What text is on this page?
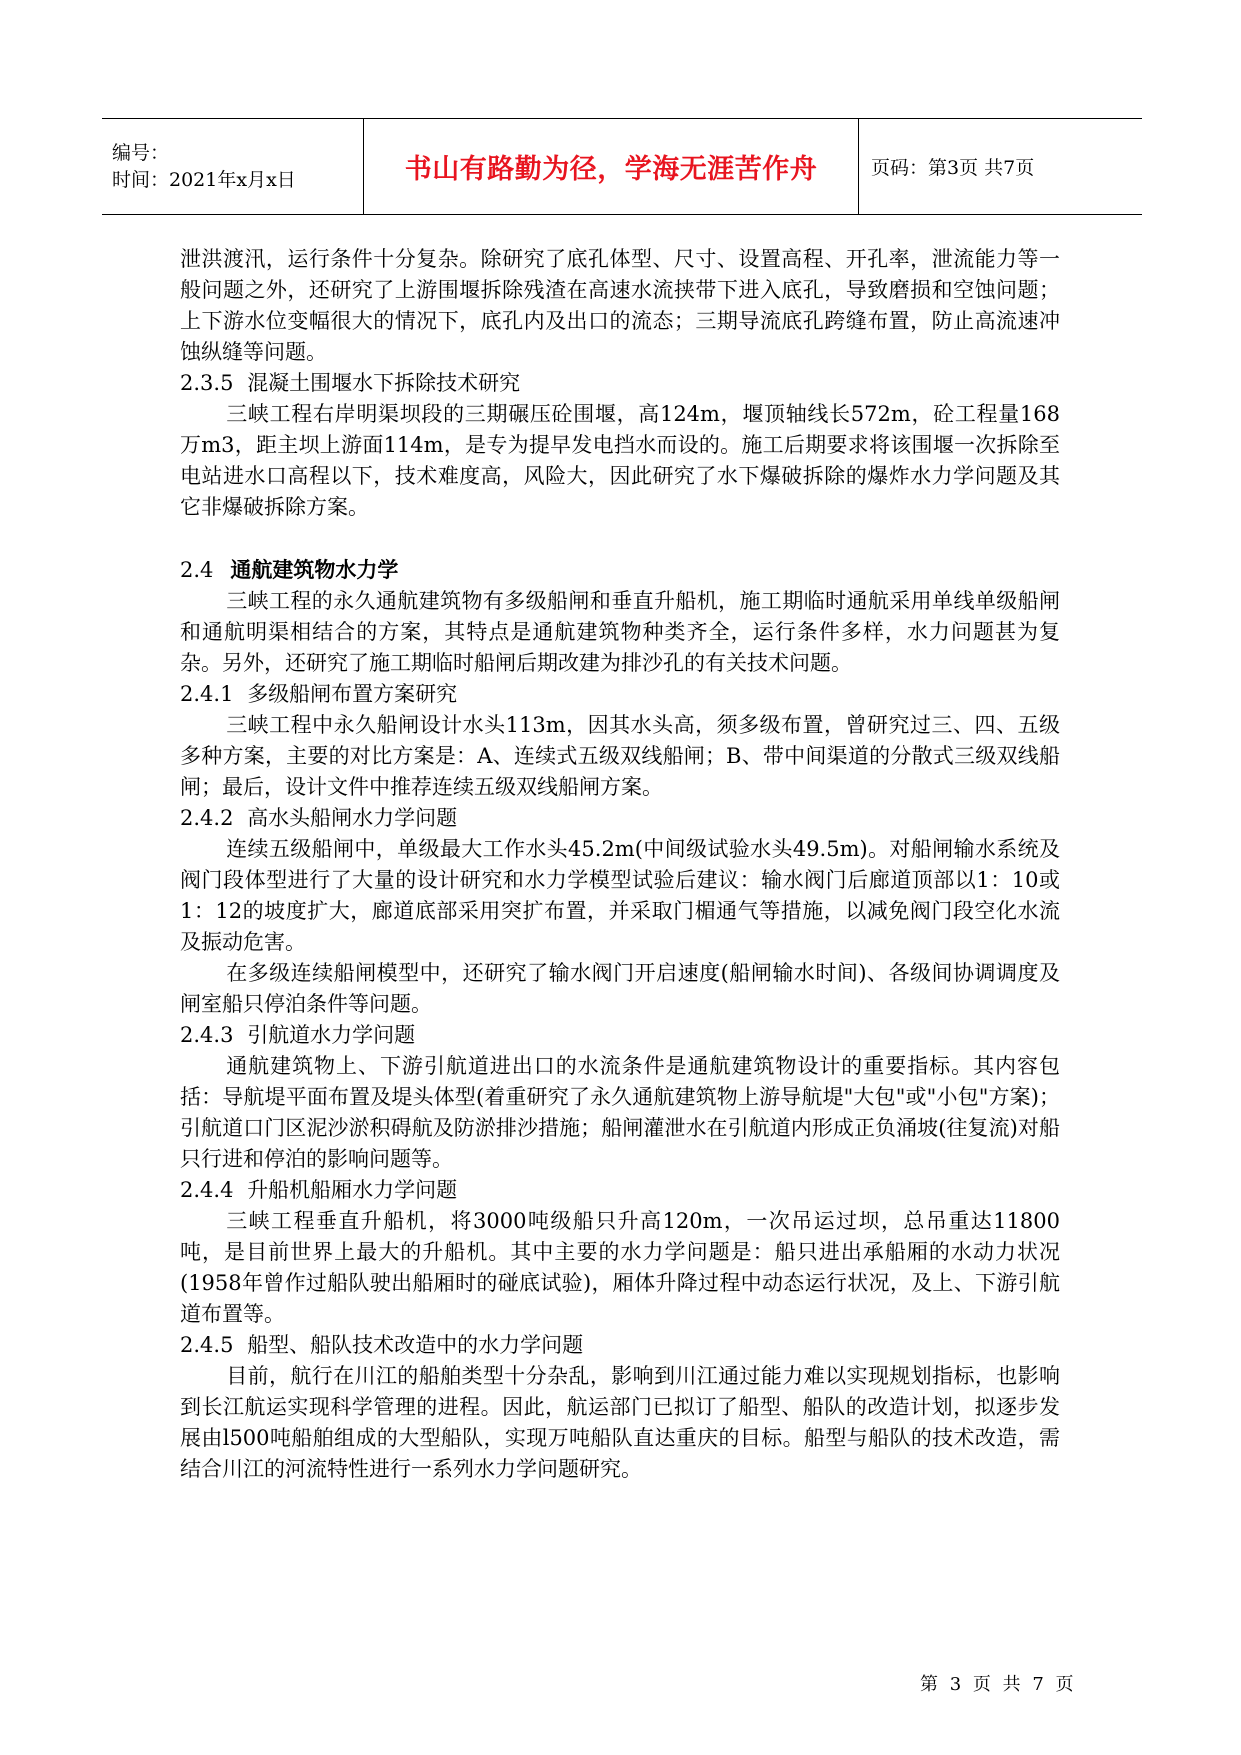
编号：
时间：2021年x月x日	书山有路勤为径，学海无涯苦作舟	页码：第3页 共7页

泄洪渡汛，运行条件十分复杂。除研究了底孔体型、尺寸、设置高程、开孔率，泄流能力等一般问题之外，还研究了上游围堰拆除残渣在高速水流挟带下进入底孔，导致磨损和空蚀问题；上下游水位变幅很大的情况下，底孔内及出口的流态；三期导流底孔跨缝布置，防止高流速冲蚀纵缝等问题。

2.3.5 混凝土围堰水下拆除技术研究

三峡工程右岸明渠坝段的三期碾压砼围堰，高124m，堰顶轴线长572m，砼工程量168 万m3，距主坝上游面114m，是专为提早发电挡水而设的。施工后期要求将该围堰一次拆除至电站进水口高程以下，技术难度高，风险大，因此研究了水下爆破拆除的爆炸水力学问题及其它非爆破拆除方案。

2.4 通航建筑物水力学

三峡工程的永久通航建筑物有多级船闸和垂直升船机，施工期临时通航采用单线单级船闸和通航明渠相结合的方案，其特点是通航建筑物种类齐全，运行条件多样，水力问题甚为复杂。另外，还研究了施工期临时船闸后期改建为排沙孔的有关技术问题。

2.4.1 多级船闸布置方案研究

三峡工程中永久船闸设计水头113m，因其水头高，须多级布置，曾研究过三、四、五级多种方案，主要的对比方案是：A、连续式五级双线船闸；B、带中间渠道的分散式三级双线船闸；最后，设计文件中推荐连续五级双线船闸方案。

2.4.2 高水头船闸水力学问题

连续五级船闸中，单级最大工作水头45.2m(中间级试验水头49.5m)。对船闸输水系统及阀门段体型进行了大量的设计研究和水力学模型试验后建议：输水阀门后廊道顶部以1：10或1：12的坡度扩大，廊道底部采用突扩布置，并采取门楣通气等措施，以减免阀门段空化水流及振动危害。

在多级连续船闸模型中，还研究了输水阀门开启速度(船闸输水时间)、各级间协调调度及闸室船只停泊条件等问题。

2.4.3 引航道水力学问题

通航建筑物上、下游引航道进出口的水流条件是通航建筑物设计的重要指标。其内容包括：导航堤平面布置及堤头体型(着重研究了永久通航建筑物上游导航堤"大包"或"小包"方案)；引航道口门区泥沙淤积碍航及防淤排沙措施；船闸灌泄水在引航道内形成正负涌坡(往复流)对船只行进和停泊的影响问题等。

2.4.4 升船机船厢水力学问题

三峡工程垂直升船机，将3000吨级船只升高120m，一次吊运过坝，总吊重达11800 吨，是目前世界上最大的升船机。其中主要的水力学问题是：船只进出承船厢的水动力状况(1958年曾作过船队驶出船厢时的碰底试验)，厢体升降过程中动态运行状况，及上、下游引航道布置等。

2.4.5 船型、船队技术改造中的水力学问题

目前，航行在川江的船舶类型十分杂乱，影响到川江通过能力难以实现规划指标，也影响到长江航运实现科学管理的进程。因此，航运部门已拟订了船型、船队的改造计划，拟逐步发展由l500吨船舶组成的大型船队，实现万吨船队直达重庆的目标。船型与船队的技术改造，需结合川江的河流特性进行一系列水力学问题研究。

第 3 页 共 7 页
